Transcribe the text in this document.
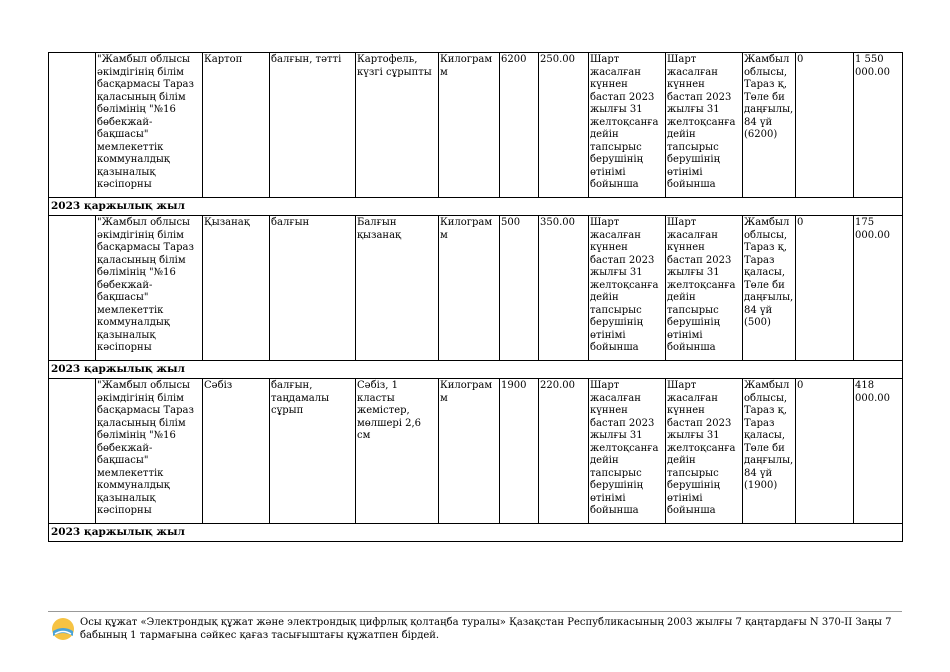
	"Жамбыл облысы әкімдігінің білім басқармасы Тараз қаласының білім бөлімінің "№16 бөбекжай-бақшасы" мемлекеттік коммуналдық қазыналық кәсіпорны	Картоп	балғын, тәтті	Картофель, күзгі сұрыпты	Килограмм	6200	250.00	Шарт жасалған күннен бастап 2023 жылғы 31 желтоқсанға дейін тапсырыс берушінің өтінімі бойынша	Шарт жасалған күннен бастап 2023 жылғы 31 желтоқсанға дейін тапсырыс берушінің өтінімі бойынша	Жамбыл облысы, Тараз қ, Төле би даңғылы, 84 үй (6200)	0	1 550 000.00
2023 қаржылық жыл												
	"Жамбыл облысы әкімдігінің білім басқармасы Тараз қаласының білім бөлімінің "№16 бөбекжай-бақшасы" мемлекеттік коммуналдық қазыналық кәсіпорны	Қызанақ	балғын	Балғын қызанақ	Килограмм	500	350.00	Шарт жасалған күннен бастап 2023 жылғы 31 желтоқсанға дейін тапсырыс берушінің өтінімі бойынша	Шарт жасалған күннен бастап 2023 жылғы 31 желтоқсанға дейін тапсырыс берушінің өтінімі бойынша	Жамбыл облысы, Тараз қ, Тараз қаласы, Төле би даңғылы, 84 үй (500)	0	175 000.00
2023 қаржылық жыл												
	"Жамбыл облысы әкімдігінің білім басқармасы Тараз қаласының білім бөлімінің "№16 бөбекжай-бақшасы" мемлекеттік коммуналдық қазыналық кәсіпорны	Сәбіз	балғын, таңдамалы сұрып	Сәбіз, 1 класты жемістер, мөлшері 2,6 см	Килограмм	1900	220.00	Шарт жасалған күннен бастап 2023 жылғы 31 желтоқсанға дейін тапсырыс берушінің өтінімі бойынша	Шарт жасалған күннен бастап 2023 жылғы 31 желтоқсанға дейін тапсырыс берушінің өтінімі бойынша	Жамбыл облысы, Тараз қ, Тараз қаласы, Төле би даңғылы, 84 үй (1900)	0	418 000.00
2023 қаржылық жыл												
Осы құжат «Электрондық құжат және электрондық цифрлық қолтаңба туралы» Қазақстан Республикасының 2003 жылғы 7 қаңтардағы N 370-II Заңы 7 бабының 1 тармағына сәйкес қағаз тасығыштағы құжатпен бірдей.
